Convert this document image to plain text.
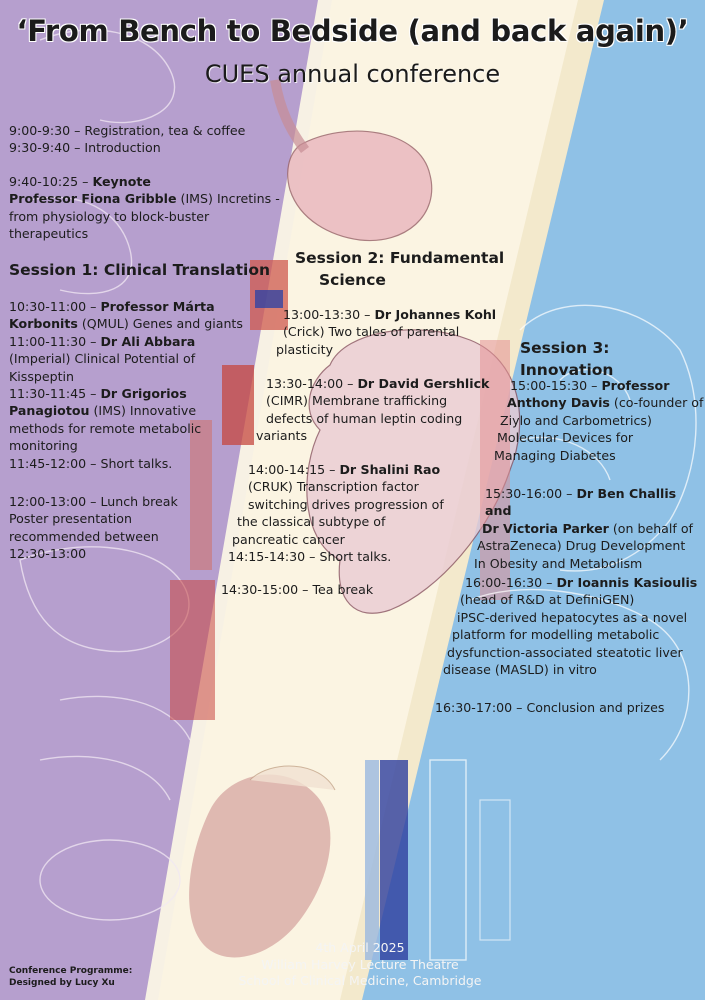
‘From Bench to Bedside (and back again)’
CUES annual conference
9:00-9:30 – Registration, tea & coffee
9:30-9:40 – Introduction
9:40-10:25 – Keynote
Professor Fiona Gribble (IMS) Incretins -
from physiology to block-buster
therapeutics
Session 1: Clinical Translation
10:30-11:00 – Professor Márta
Korbonits (QMUL) Genes and giants
11:00-11:30 – Dr Ali Abbara
(Imperial) Clinical Potential of
Kisspeptin
11:30-11:45 – Dr Grigorios
Panagiotou (IMS) Innovative
methods for remote metabolic
monitoring
11:45-12:00 – Short talks.
12:00-13:00 – Lunch break
Poster presentation
recommended between
12:30-13:00
Session 2: Fundamental
Science
13:00-13:30 – Dr Johannes Kohl
(Crick) Two tales of parental
plasticity
13:30-14:00 – Dr David Gershlick
(CIMR) Membrane trafficking
defects of human leptin coding
variants
14:00-14:15 – Dr Shalini Rao
(CRUK) Transcription factor
switching drives progression of
the classical subtype of
pancreatic cancer
14:15-14:30 – Short talks.
14:30-15:00 – Tea break
Session 3: Innovation
15:00-15:30 – Professor
Anthony Davis (co-founder of
Ziylo and Carbometrics)
Molecular Devices for
Managing Diabetes
15:30-16:00 – Dr Ben Challis and
Dr Victoria Parker (on behalf of
AstraZeneca) Drug Development
In Obesity and Metabolism
16:00-16:30 – Dr Ioannis Kasioulis
(head of R&D at DefiniGEN)
iPSC-derived hepatocytes as a novel
platform for modelling metabolic
dysfunction-associated steatotic liver
disease (MASLD) in vitro
16:30-17:00 – Conclusion and prizes
4th April 2025
William Harvey Lecture Theatre
School of Clinical Medicine, Cambridge
Conference Programme:
Designed by Lucy Xu
